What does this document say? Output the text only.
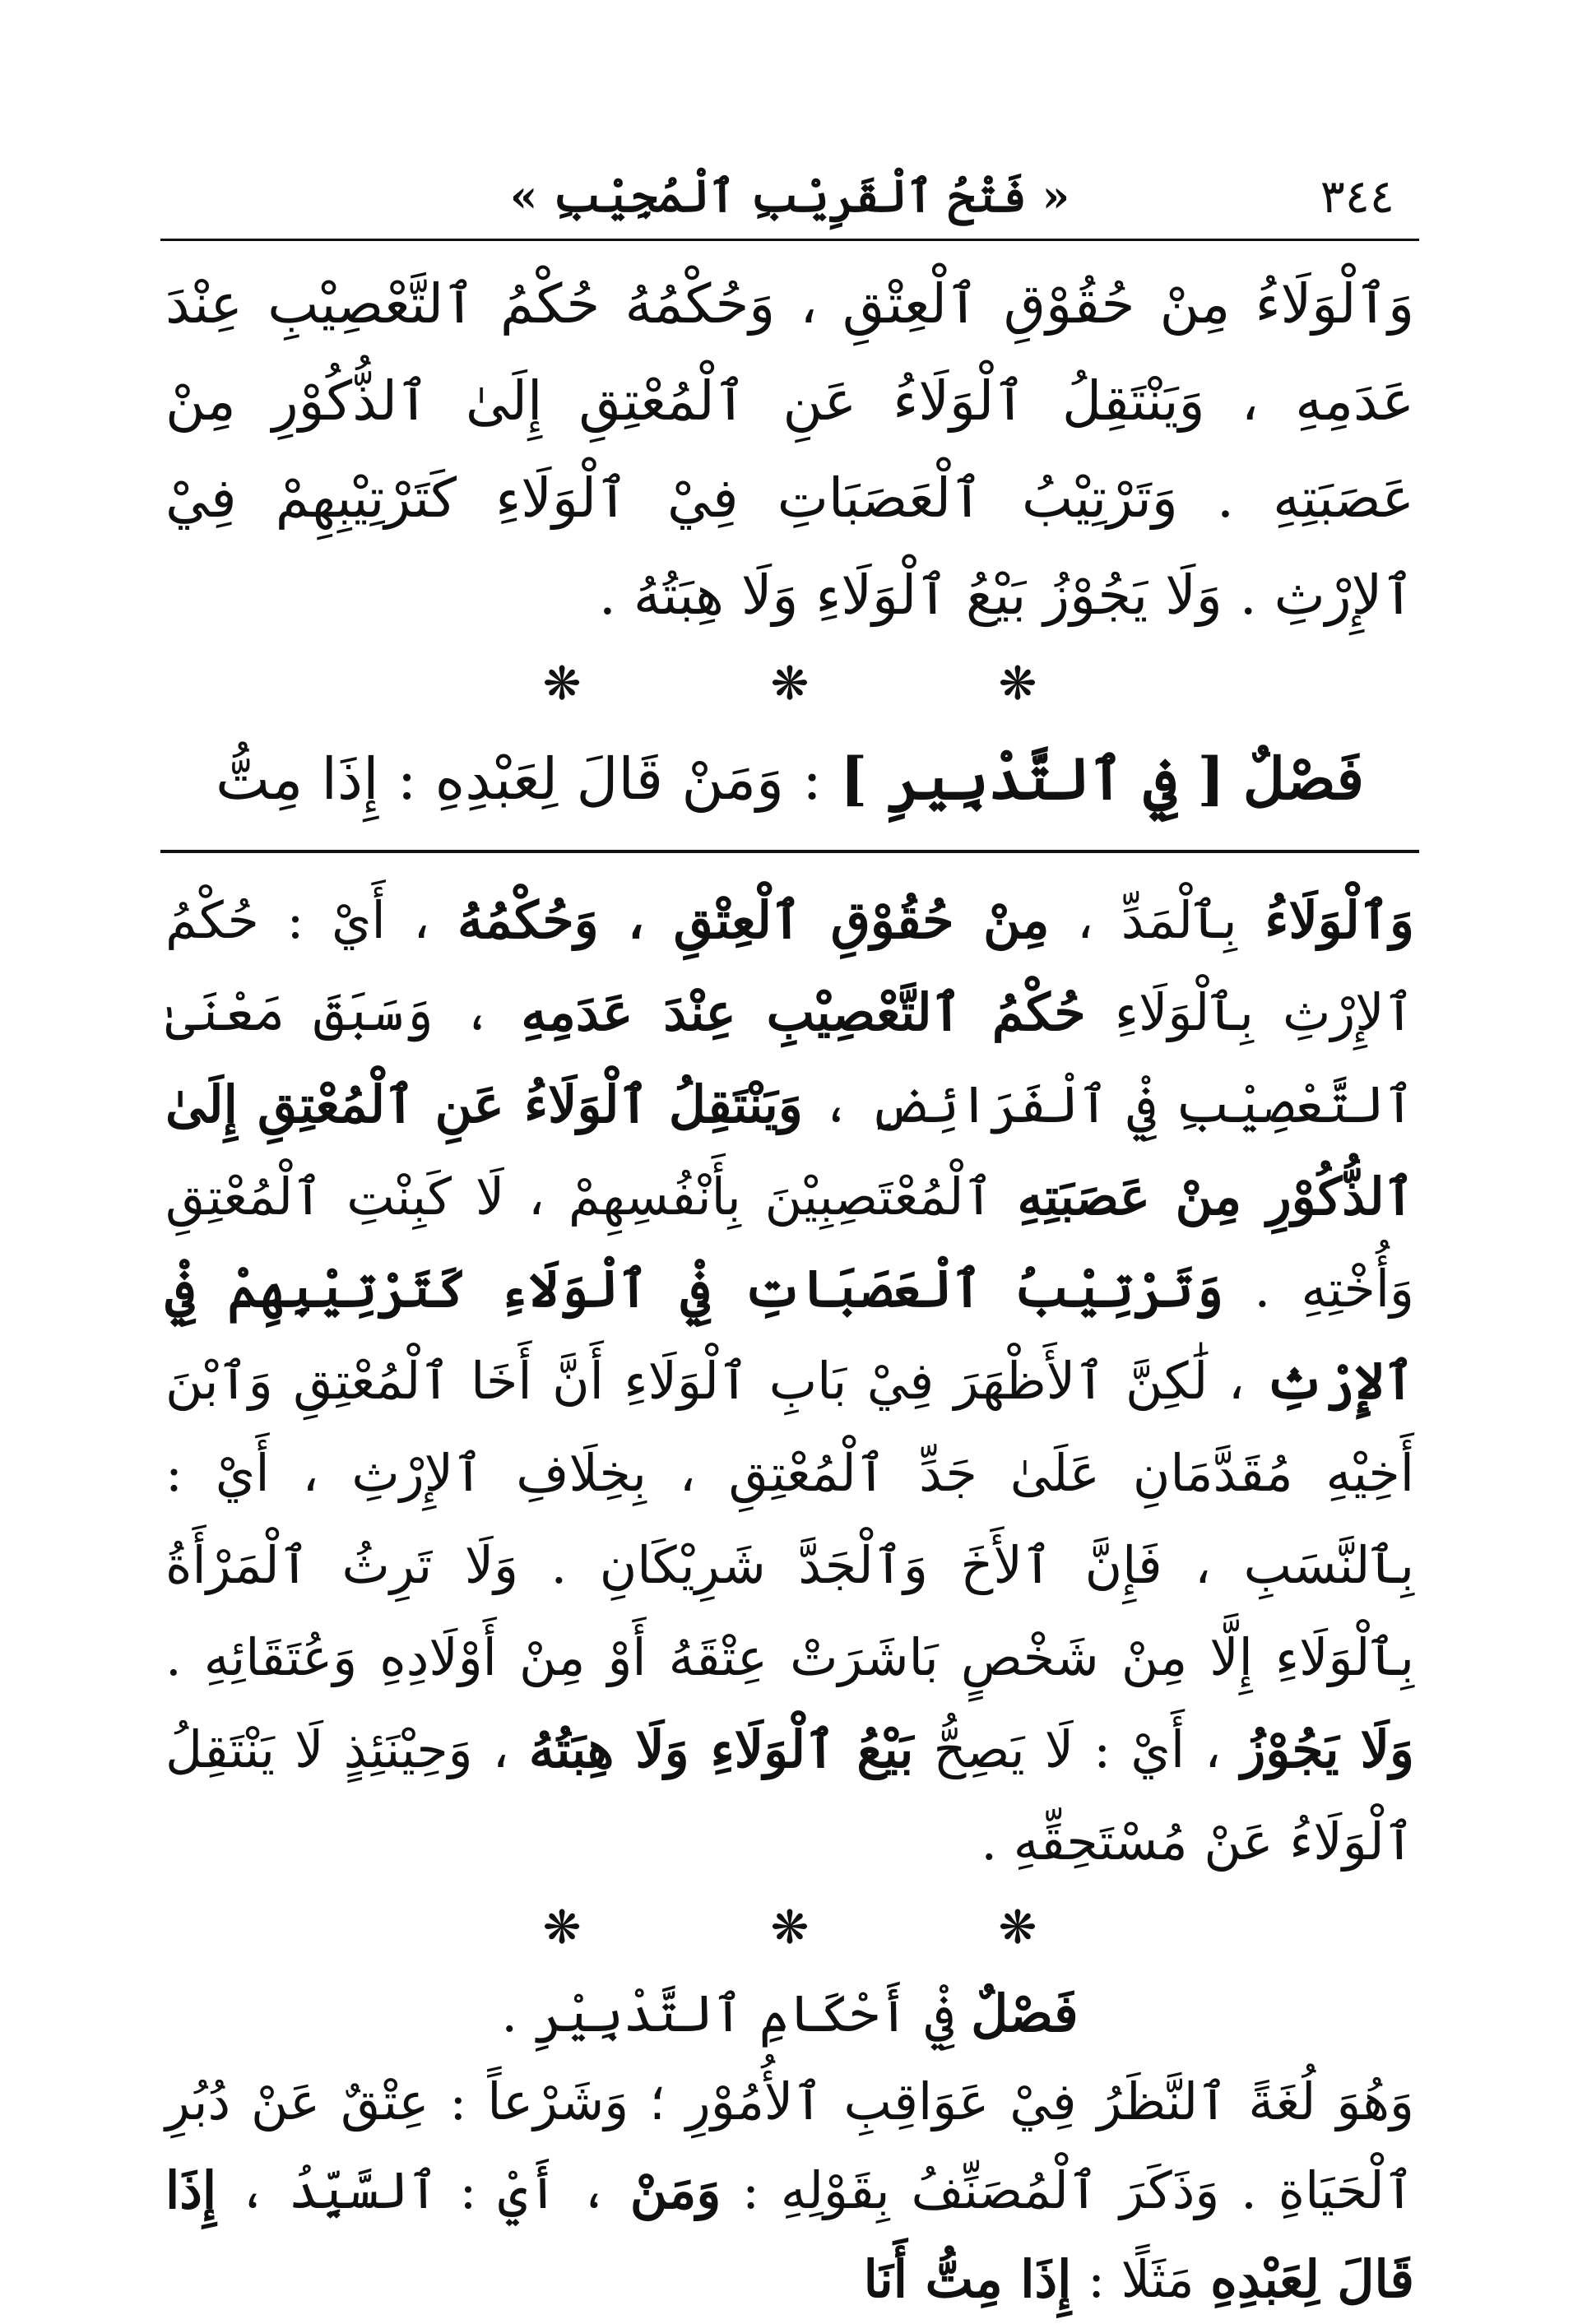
٣٤٤
« فَتْحُ ٱلْقَرِيْبِ ٱلْمُجِيْبِ »
وَٱلْوَلَاءُ مِنْ حُقُوْقِ ٱلْعِتْقِ ، وَحُكْمُهُ حُكْمُ ٱلتَّعْصِيْبِ عِنْدَ عَدَمِهِ ، وَيَنْتَقِلُ ٱلْوَلَاءُ عَنِ ٱلْمُعْتِقِ إِلَىٰ ٱلذُّكُوْرِ مِنْ عَصَبَتِهِ . وَتَرْتِيْبُ ٱلْعَصَبَاتِ فِيْ ٱلْوَلَاءِ كَتَرْتِيْبِهِمْ فِيْ ٱلإِرْثِ . وَلَا يَجُوْزُ بَيْعُ ٱلْوَلَاءِ وَلَا هِبَتُهُ .
❋
❋
❋
فَصْلٌ [ فِي ٱلتَّدْبِيرِ ] : وَمَنْ قَالَ لِعَبْدِهِ : إِذَا مِتُّ
وَٱلْوَلَاءُ بِٱلْمَدِّ ، مِنْ حُقُوْقِ ٱلْعِتْقِ ، وَحُكْمُهُ ، أَيْ : حُكْمُ ٱلإِرْثِ بِٱلْوَلَاءِ حُكْمُ ٱلتَّعْصِيْبِ عِنْدَ عَدَمِهِ ، وَسَبَقَ مَعْنَىٰ ٱلتَّعْصِيْبِ فِيْ ٱلْفَرَائِضِ ، وَيَنْتَقِلُ ٱلْوَلَاءُ عَنِ ٱلْمُعْتِقِ إِلَىٰ ٱلذُّكُوْرِ مِنْ عَصَبَتِهِ ٱلْمُعْتَصِبِيْنَ بِأَنْفُسِهِمْ ، لَا كَبِنْتِ ٱلْمُعْتِقِ وَأُخْتِهِ . وَتَرْتِيْبُ ٱلْعَصَبَاتِ فِيْ ٱلْوَلَاءِ كَتَرْتِيْبِهِمْ فِيْ ٱلإِرْثِ ، لَٰكِنَّ ٱلأَظْهَرَ فِيْ بَابِ ٱلْوَلَاءِ أَنَّ أَخَا ٱلْمُعْتِقِ وَٱبْنَ أَخِيْهِ مُقَدَّمَانِ عَلَىٰ جَدِّ ٱلْمُعْتِقِ ، بِخِلَافِ ٱلإِرْثِ ، أَيْ : بِٱلنَّسَبِ ، فَإِنَّ ٱلأَخَ وَٱلْجَدَّ شَرِيْكَانِ . وَلَا تَرِثُ ٱلْمَرْأَةُ بِٱلْوَلَاءِ إِلَّا مِنْ شَخْصٍ بَاشَرَتْ عِتْقَهُ أَوْ مِنْ أَوْلَادِهِ وَعُتَقَائِهِ . وَلَا يَجُوْزُ ، أَيْ : لَا يَصِحُّ بَيْعُ ٱلْوَلَاءِ وَلَا هِبَتُهُ ، وَحِيْنَئِذٍ لَا يَنْتَقِلُ ٱلْوَلَاءُ عَنْ مُسْتَحِقِّهِ .
❋
❋
❋
فَصْلٌ فِيْ أَحْكَامِ ٱلتَّدْبِيْرِ .
وَهُوَ لُغَةً ٱلنَّظَرُ فِيْ عَوَاقِبِ ٱلأُمُوْرِ ؛ وَشَرْعاً : عِتْقٌ عَنْ دُبُرِ ٱلْحَيَاةِ . وَذَكَرَ ٱلْمُصَنِّفُ بِقَوْلِهِ : وَمَنْ ، أَيْ : ٱلسَّيِّدُ ، إِذَا قَالَ لِعَبْدِهِ مَثَلًا : إِذَا مِتُّ أَنَا
